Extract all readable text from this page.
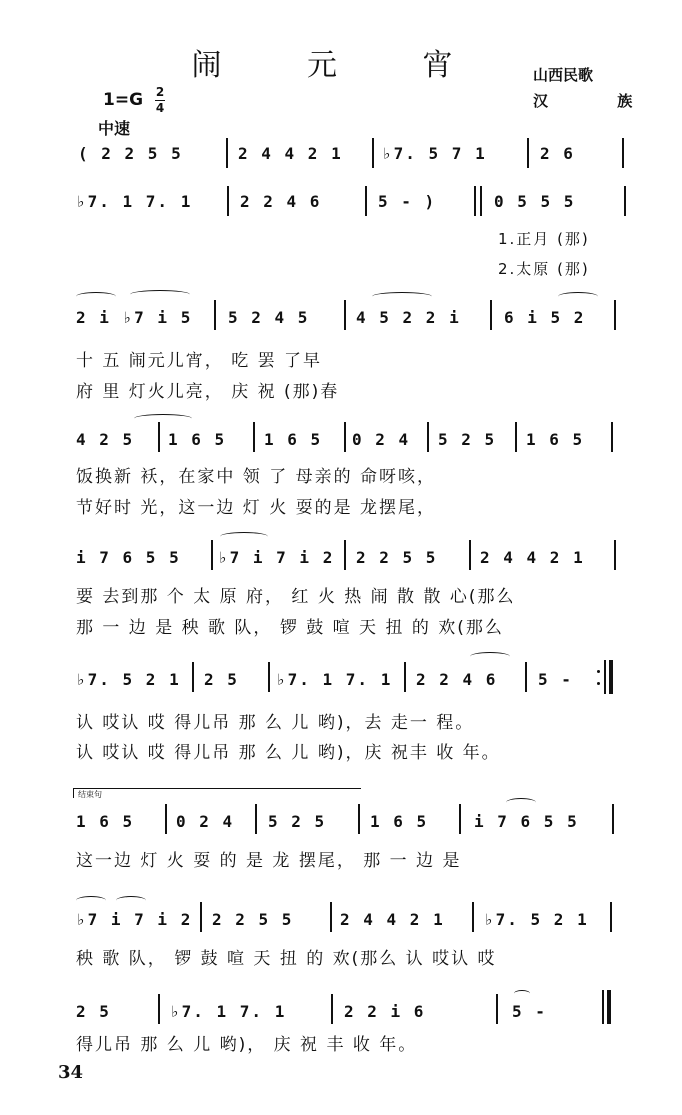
闹 元 宵	山西民歌
汉 族
1=G 2
4
中速
( 2 2 5 5	2 4 4 2 1 ♭7. 5 7 1	2 6
♭7. 1 7. 1	2 2 4 6	5 - )	0 5 5 5
1.正月 (那)
2.太原 (那)
2 i ♭7 i 5 5 2 4 5	4 5 2 2 i	6 i 5 2
十 五 闹元儿宵， 吃 罢 了早
府 里 灯火儿亮， 庆 祝 (那)春
4 2 5 1 6 5 1 6 5 0 2 4 5 2 5 1 6 5
饭换新 袄，在家中 领 了 母亲的 命呀咳，
节好时 光，这一边 灯 火 耍的是 龙摆尾，
i 7 6 5 5 ♭7 i 7 i 2 2 2 5 5	2 4 4 2 1
要 去到那 个 太 原 府， 红 火 热 闹 散 散 心(那么
那 一 边 是 秧 歌 队， 锣 鼓 喧 天 扭 的 欢(那么
♭7. 5 2 1 2 5 ♭7. 1 7. 1 2 2 4 6	5 -
认 哎认 哎 得儿吊 那 么 儿 哟)，去 走一 程。
认 哎认 哎 得儿吊 那 么 儿 哟)，庆 祝丰 收 年。
结束句
1 6 5	0 2 4 5 2 5	1 6 5	i 7 6 5 5
这一边 灯 火 耍 的 是 龙 摆尾， 那 一 边 是
♭7 i 7 i 2 2 2 5 5	2 4 4 2 1 ♭7. 5 2 1
秧 歌 队， 锣 鼓 喧 天 扭 的 欢(那么 认 哎认 哎
2 5	♭7. 1 7. 1	2 2 i 6	5 -
得儿吊 那 么 儿 哟)， 庆 祝 丰 收 年。
34
